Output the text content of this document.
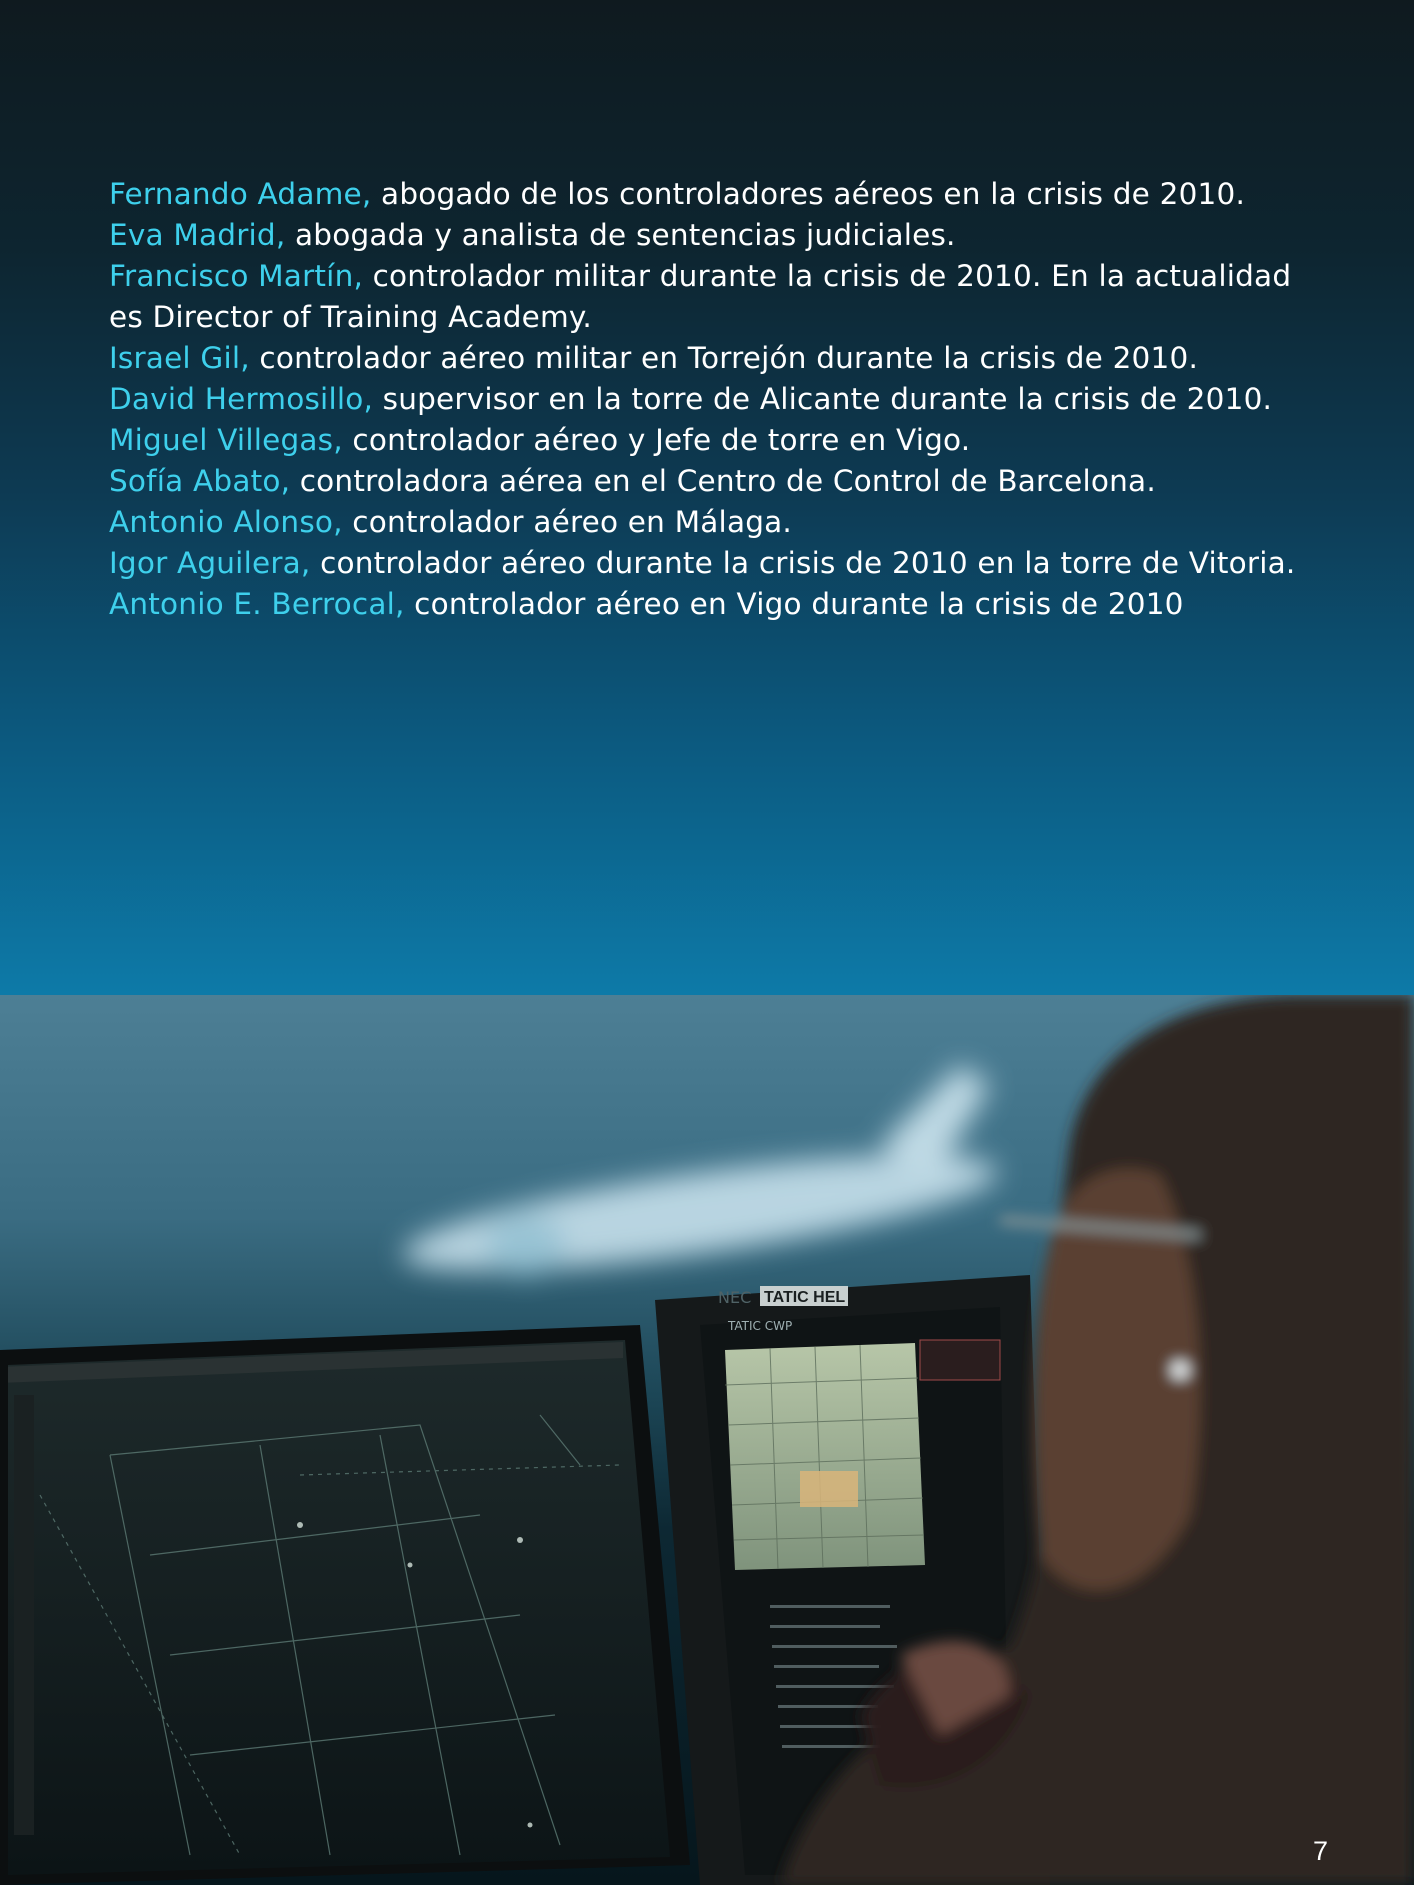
Fernando Adame, abogado de los controladores aéreos en la crisis de 2010.

Eva Madrid, abogada y analista de sentencias judiciales.

Francisco Martín, controlador militar durante la crisis de 2010. En la actualidad es Director of Training Academy.

Israel Gil, controlador aéreo militar en Torrejón durante la crisis de 2010.

David Hermosillo, supervisor en la torre de Alicante durante la crisis de 2010.

Miguel Villegas, controlador aéreo y Jefe de torre en Vigo.

Sofía Abato, controladora aérea en el Centro de Control de Barcelona.

Antonio Alonso, controlador aéreo en Málaga.

Igor Aguilera, controlador aéreo durante la crisis de 2010 en la torre de Vitoria.

Antonio E. Berrocal, controlador aéreo en Vigo durante la crisis de 2010

NEC TATIC HEL
TATIC CWP
7
